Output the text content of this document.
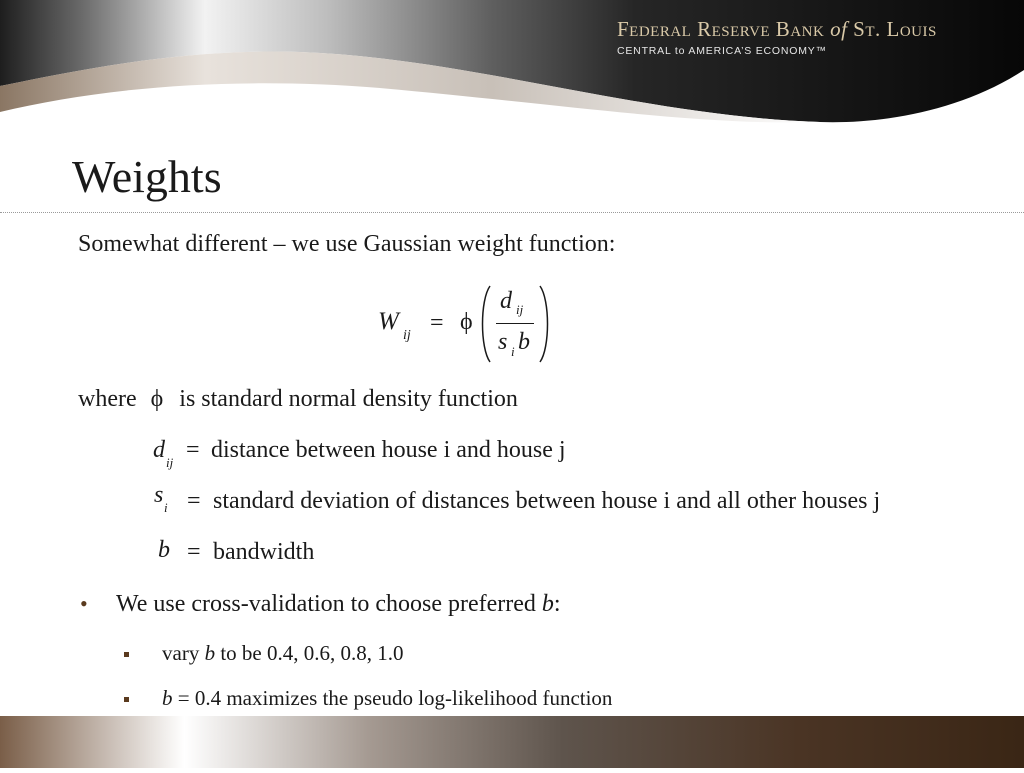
Federal Reserve Bank of St. Louis
CENTRAL to AMERICA’S ECONOMY™
Weights
Somewhat different – we use Gaussian weight function:
W
ij = ϕ
d ij
s i b
where ϕ is standard normal density function
d ij = distance between house i and house j
s i = standard deviation of distances between house i and all other houses j
b = bandwidth
• We use cross-validation to choose preferred b:
vary b to be 0.4, 0.6, 0.8, 1.0
b = 0.4 maximizes the pseudo log-likelihood function
